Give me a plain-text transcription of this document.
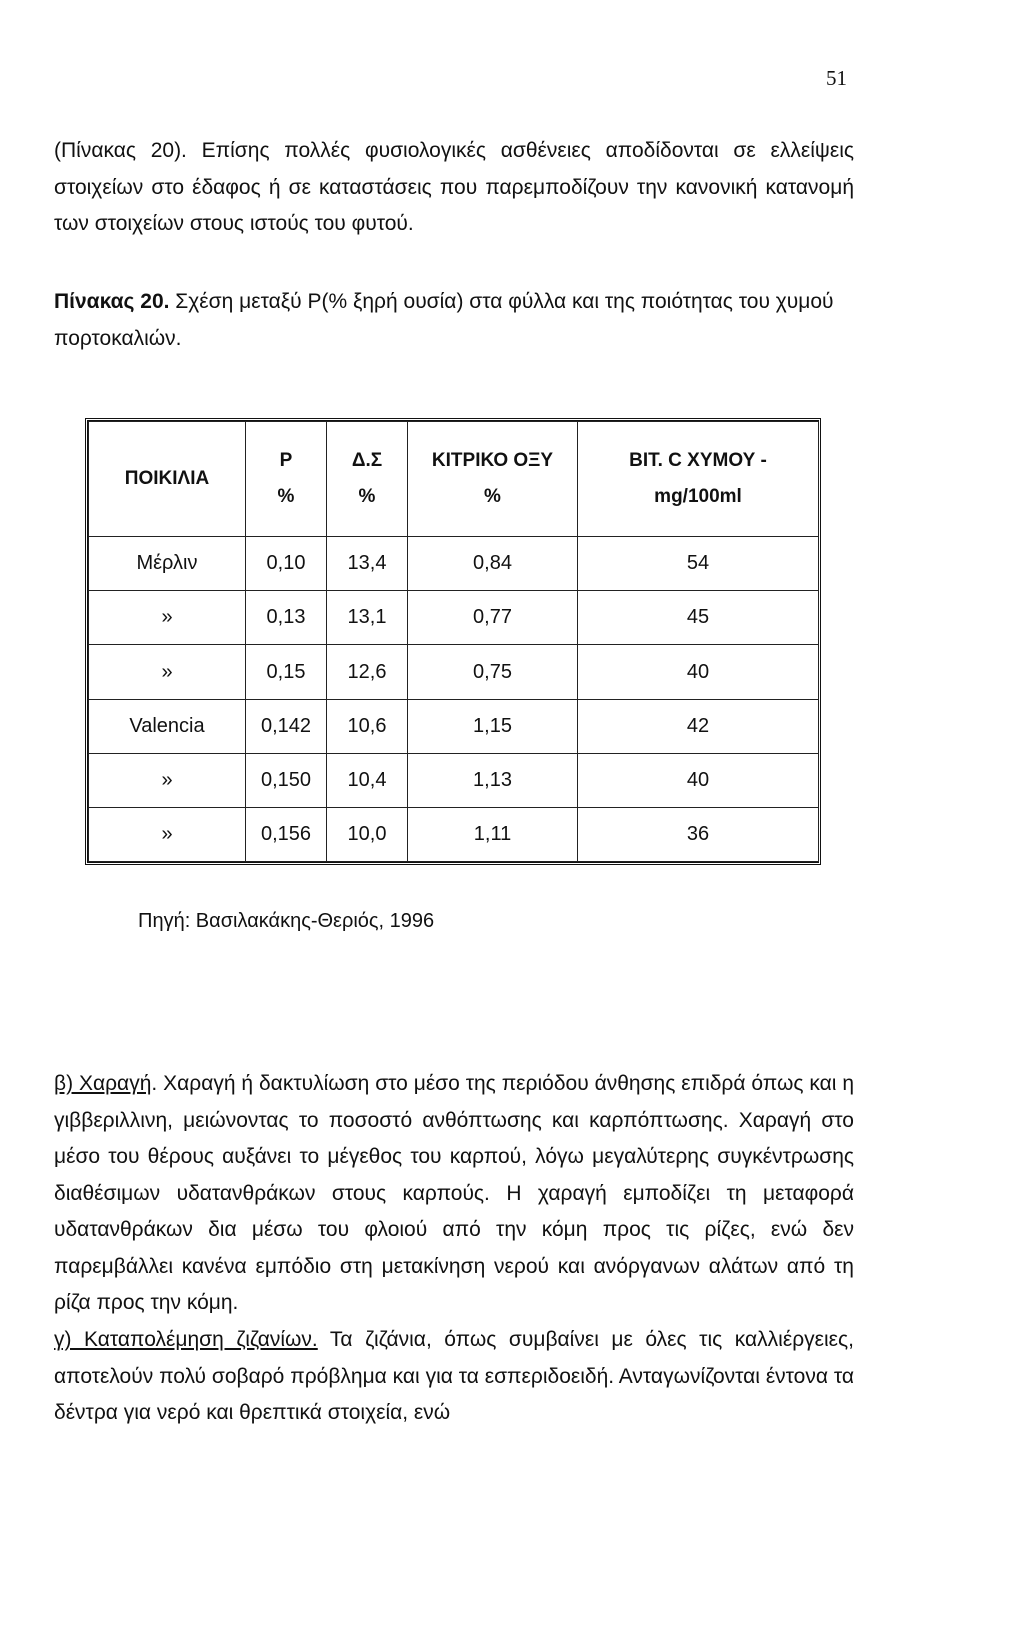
51

(Πίνακας 20). Επίσης πολλές φυσιολογικές ασθένειες αποδίδονται σε ελλείψεις στοιχείων στο έδαφος ή σε καταστάσεις που παρεμποδίζουν την κανονική κατανομή των στοιχείων στους ιστούς του φυτού.

Πίνακας 20. Σχέση μεταξύ P(% ξηρή ουσία) στα φύλλα και της ποιότητας του χυμού πορτοκαλιών.

ΠΟΙΚΙΛΙΑ	P	Δ.Σ	ΚΙΤΡΙΚΟ ΟΞΥ	ΒΙΤ. C ΧΥΜΟΥ -
	%	%	%	mg/100ml
Μέρλιν	0,10	13,4	0,84	54
»	0,13	13,1	0,77	45
»	0,15	12,6	0,75	40
Valencia	0,142	10,6	1,15	42
»	0,150	10,4	1,13	40
»	0,156	10,0	1,11	36
Πηγή: Βασιλακάκης-Θεριός, 1996

β) Χαραγή. Χαραγή ή δακτυλίωση στο μέσο της περιόδου άνθησης επιδρά όπως και η γιββεριλλινη, μειώνοντας το ποσοστό ανθόπτωσης και καρπόπτωσης. Χαραγή στο μέσο του θέρους αυξάνει το μέγεθος του καρπού, λόγω μεγαλύτερης συγκέντρωσης διαθέσιμων υδατανθράκων στους καρπούς. Η χαραγή εμποδίζει τη μεταφορά υδατανθράκων δια μέσω του φλοιού από την κόμη προς τις ρίζες, ενώ δεν παρεμβάλλει κανένα εμπόδιο στη μετακίνηση νερού και ανόργανων αλάτων από τη ρίζα προς την κόμη.

γ) Καταπολέμηση ζιζανίων. Τα ζιζάνια, όπως συμβαίνει με όλες τις καλλιέργειες, αποτελούν πολύ σοβαρό πρόβλημα και για τα εσπεριδοειδή. Ανταγωνίζονται έντονα τα δέντρα για νερό και θρεπτικά στοιχεία, ενώ
